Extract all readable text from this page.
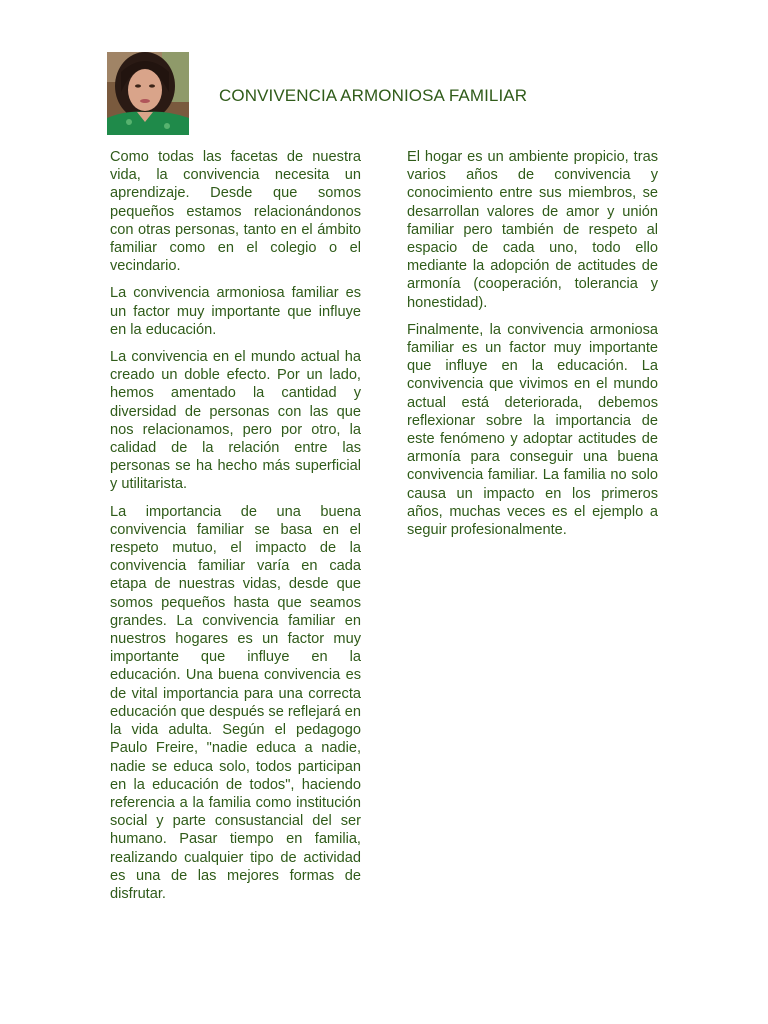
CONVIVENCIA ARMONIOSA FAMILIAR

Como todas las facetas de nuestra vida, la convivencia necesita un aprendizaje. Desde que somos pequeños estamos relacionándonos con otras personas, tanto en el ámbito familiar como en el colegio o el vecindario.

La convivencia armoniosa familiar es un factor muy importante que influye en la educación.

La convivencia en el mundo actual ha creado un doble efecto. Por un lado, hemos amentado la cantidad y diversidad de personas con las que nos relacionamos, pero por otro, la calidad de la relación entre las personas se ha hecho más superficial y utilitarista.

La importancia de una buena convivencia familiar se basa en el respeto mutuo, el impacto de la convivencia familiar varía en cada etapa de nuestras vidas, desde que somos pequeños hasta que seamos grandes. La convivencia familiar en nuestros hogares es un factor muy importante que influye en la educación. Una buena convivencia es de vital importancia para una correcta educación que después se reflejará en la vida adulta. Según el pedagogo Paulo Freire, "nadie educa a nadie, nadie se educa solo, todos participan en la educación de todos", haciendo referencia a la familia como institución social y parte consustancial del ser humano. Pasar tiempo en familia, realizando cualquier tipo de actividad es una de las mejores formas de disfrutar.

El hogar es un ambiente propicio, tras varios años de convivencia y conocimiento entre sus miembros, se desarrollan valores de amor y unión familiar pero también de respeto al espacio de cada uno, todo ello mediante la adopción de actitudes de armonía (cooperación, tolerancia y honestidad).

Finalmente, la convivencia armoniosa familiar es un factor muy importante que influye en la educación. La convivencia que vivimos en el mundo actual está deteriorada, debemos reflexionar sobre la importancia de este fenómeno y adoptar actitudes de armonía para conseguir una buena convivencia familiar. La familia no solo causa un impacto en los primeros años, muchas veces es el ejemplo a seguir profesionalmente.
